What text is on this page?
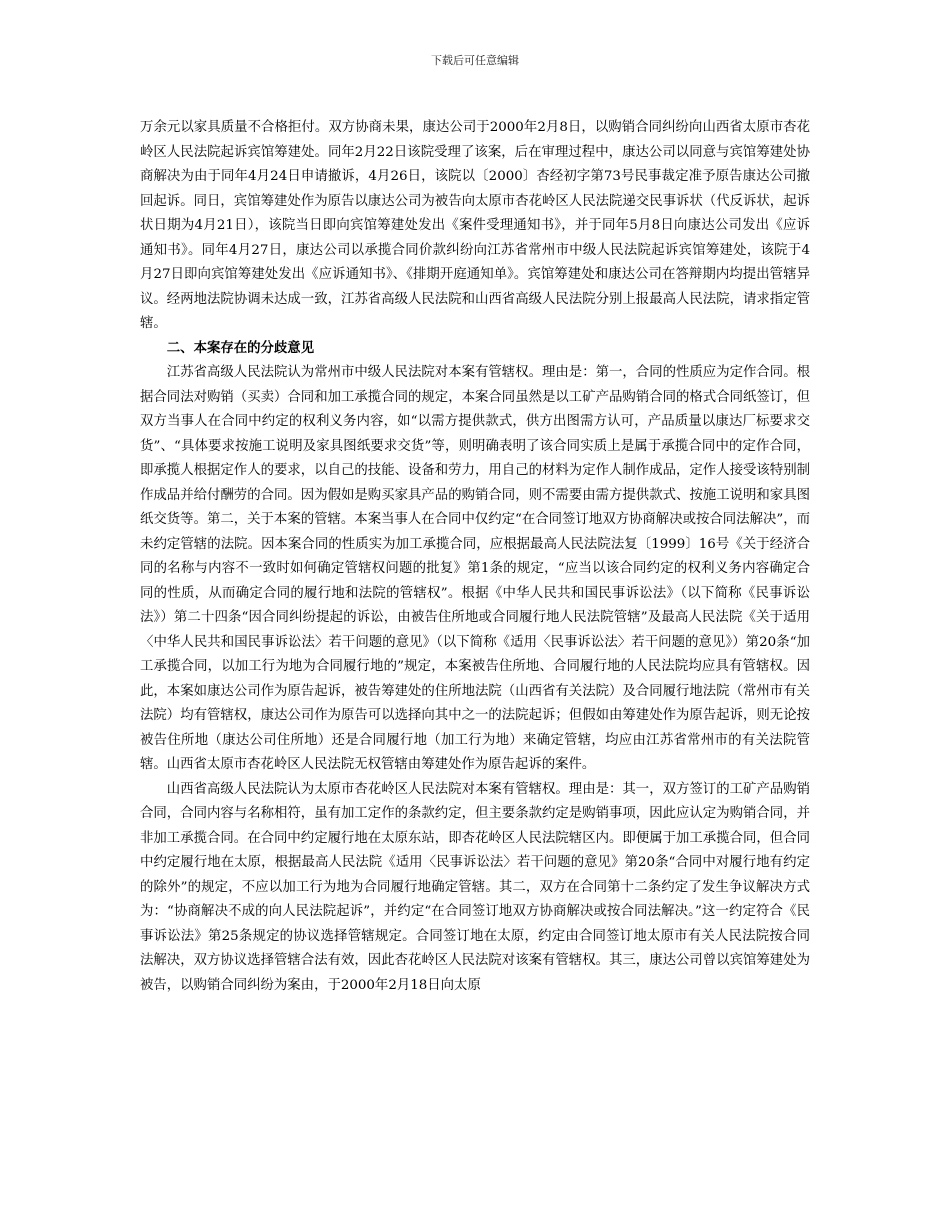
下载后可任意编辑

万余元以家具质量不合格拒付。双方协商未果，康达公司于2000年2月8日，以购销合同纠纷向山西省太原市杏花岭区人民法院起诉宾馆筹建处。同年2月22日该院受理了该案，后在审理过程中，康达公司以同意与宾馆筹建处协商解决为由于同年4月24日申请撤诉，4月26日，该院以〔2000〕杏经初字第73号民事裁定准予原告康达公司撤回起诉。同日，宾馆筹建处作为原告以康达公司为被告向太原市杏花岭区人民法院递交民事诉状（代反诉状，起诉状日期为4月21日），该院当日即向宾馆筹建处发出《案件受理通知书》，并于同年5月8日向康达公司发出《应诉通知书》。同年4月27日，康达公司以承揽合同价款纠纷向江苏省常州市中级人民法院起诉宾馆筹建处，该院于4月27日即向宾馆筹建处发出《应诉通知书》、《排期开庭通知单》。宾馆筹建处和康达公司在答辩期内均提出管辖异议。经两地法院协调未达成一致，江苏省高级人民法院和山西省高级人民法院分别上报最高人民法院，请求指定管辖。

二、本案存在的分歧意见

江苏省高级人民法院认为常州市中级人民法院对本案有管辖权。理由是：第一，合同的性质应为定作合同。根据合同法对购销（买卖）合同和加工承揽合同的规定，本案合同虽然是以工矿产品购销合同的格式合同纸签订，但双方当事人在合同中约定的权利义务内容，如“以需方提供款式，供方出图需方认可，产品质量以康达厂标要求交货”、“具体要求按施工说明及家具图纸要求交货”等，则明确表明了该合同实质上是属于承揽合同中的定作合同，即承揽人根据定作人的要求，以自己的技能、设备和劳力，用自己的材料为定作人制作成品，定作人接受该特别制作成品并给付酬劳的合同。因为假如是购买家具产品的购销合同，则不需要由需方提供款式、按施工说明和家具图纸交货等。第二，关于本案的管辖。本案当事人在合同中仅约定“在合同签订地双方协商解决或按合同法解决”，而未约定管辖的法院。因本案合同的性质实为加工承揽合同，应根据最高人民法院法复〔1999〕16号《关于经济合同的名称与内容不一致时如何确定管辖权问题的批复》第1条的规定，“应当以该合同约定的权利义务内容确定合同的性质，从而确定合同的履行地和法院的管辖权”。根据《中华人民共和国民事诉讼法》（以下简称《民事诉讼法》）第二十四条“因合同纠纷提起的诉讼，由被告住所地或合同履行地人民法院管辖”及最高人民法院《关于适用〈中华人民共和国民事诉讼法〉若干问题的意见》（以下简称《适用〈民事诉讼法〉若干问题的意见》）第20条“加工承揽合同，以加工行为地为合同履行地的”规定，本案被告住所地、合同履行地的人民法院均应具有管辖权。因此，本案如康达公司作为原告起诉，被告筹建处的住所地法院（山西省有关法院）及合同履行地法院（常州市有关法院）均有管辖权，康达公司作为原告可以选择向其中之一的法院起诉；但假如由筹建处作为原告起诉，则无论按被告住所地（康达公司住所地）还是合同履行地（加工行为地）来确定管辖，均应由江苏省常州市的有关法院管辖。山西省太原市杏花岭区人民法院无权管辖由筹建处作为原告起诉的案件。

山西省高级人民法院认为太原市杏花岭区人民法院对本案有管辖权。理由是：其一，双方签订的工矿产品购销合同，合同内容与名称相符，虽有加工定作的条款约定，但主要条款约定是购销事项，因此应认定为购销合同，并非加工承揽合同。在合同中约定履行地在太原东站，即杏花岭区人民法院辖区内。即便属于加工承揽合同，但合同中约定履行地在太原，根据最高人民法院《适用〈民事诉讼法〉若干问题的意见》第20条“合同中对履行地有约定的除外”的规定，不应以加工行为地为合同履行地确定管辖。其二，双方在合同第十二条约定了发生争议解决方式为：“协商解决不成的向人民法院起诉”，并约定“在合同签订地双方协商解决或按合同法解决。”这一约定符合《民事诉讼法》第25条规定的协议选择管辖规定。合同签订地在太原，约定由合同签订地太原市有关人民法院按合同法解决，双方协议选择管辖合法有效，因此杏花岭区人民法院对该案有管辖权。其三，康达公司曾以宾馆筹建处为被告，以购销合同纠纷为案由，于2000年2月18日向太原
